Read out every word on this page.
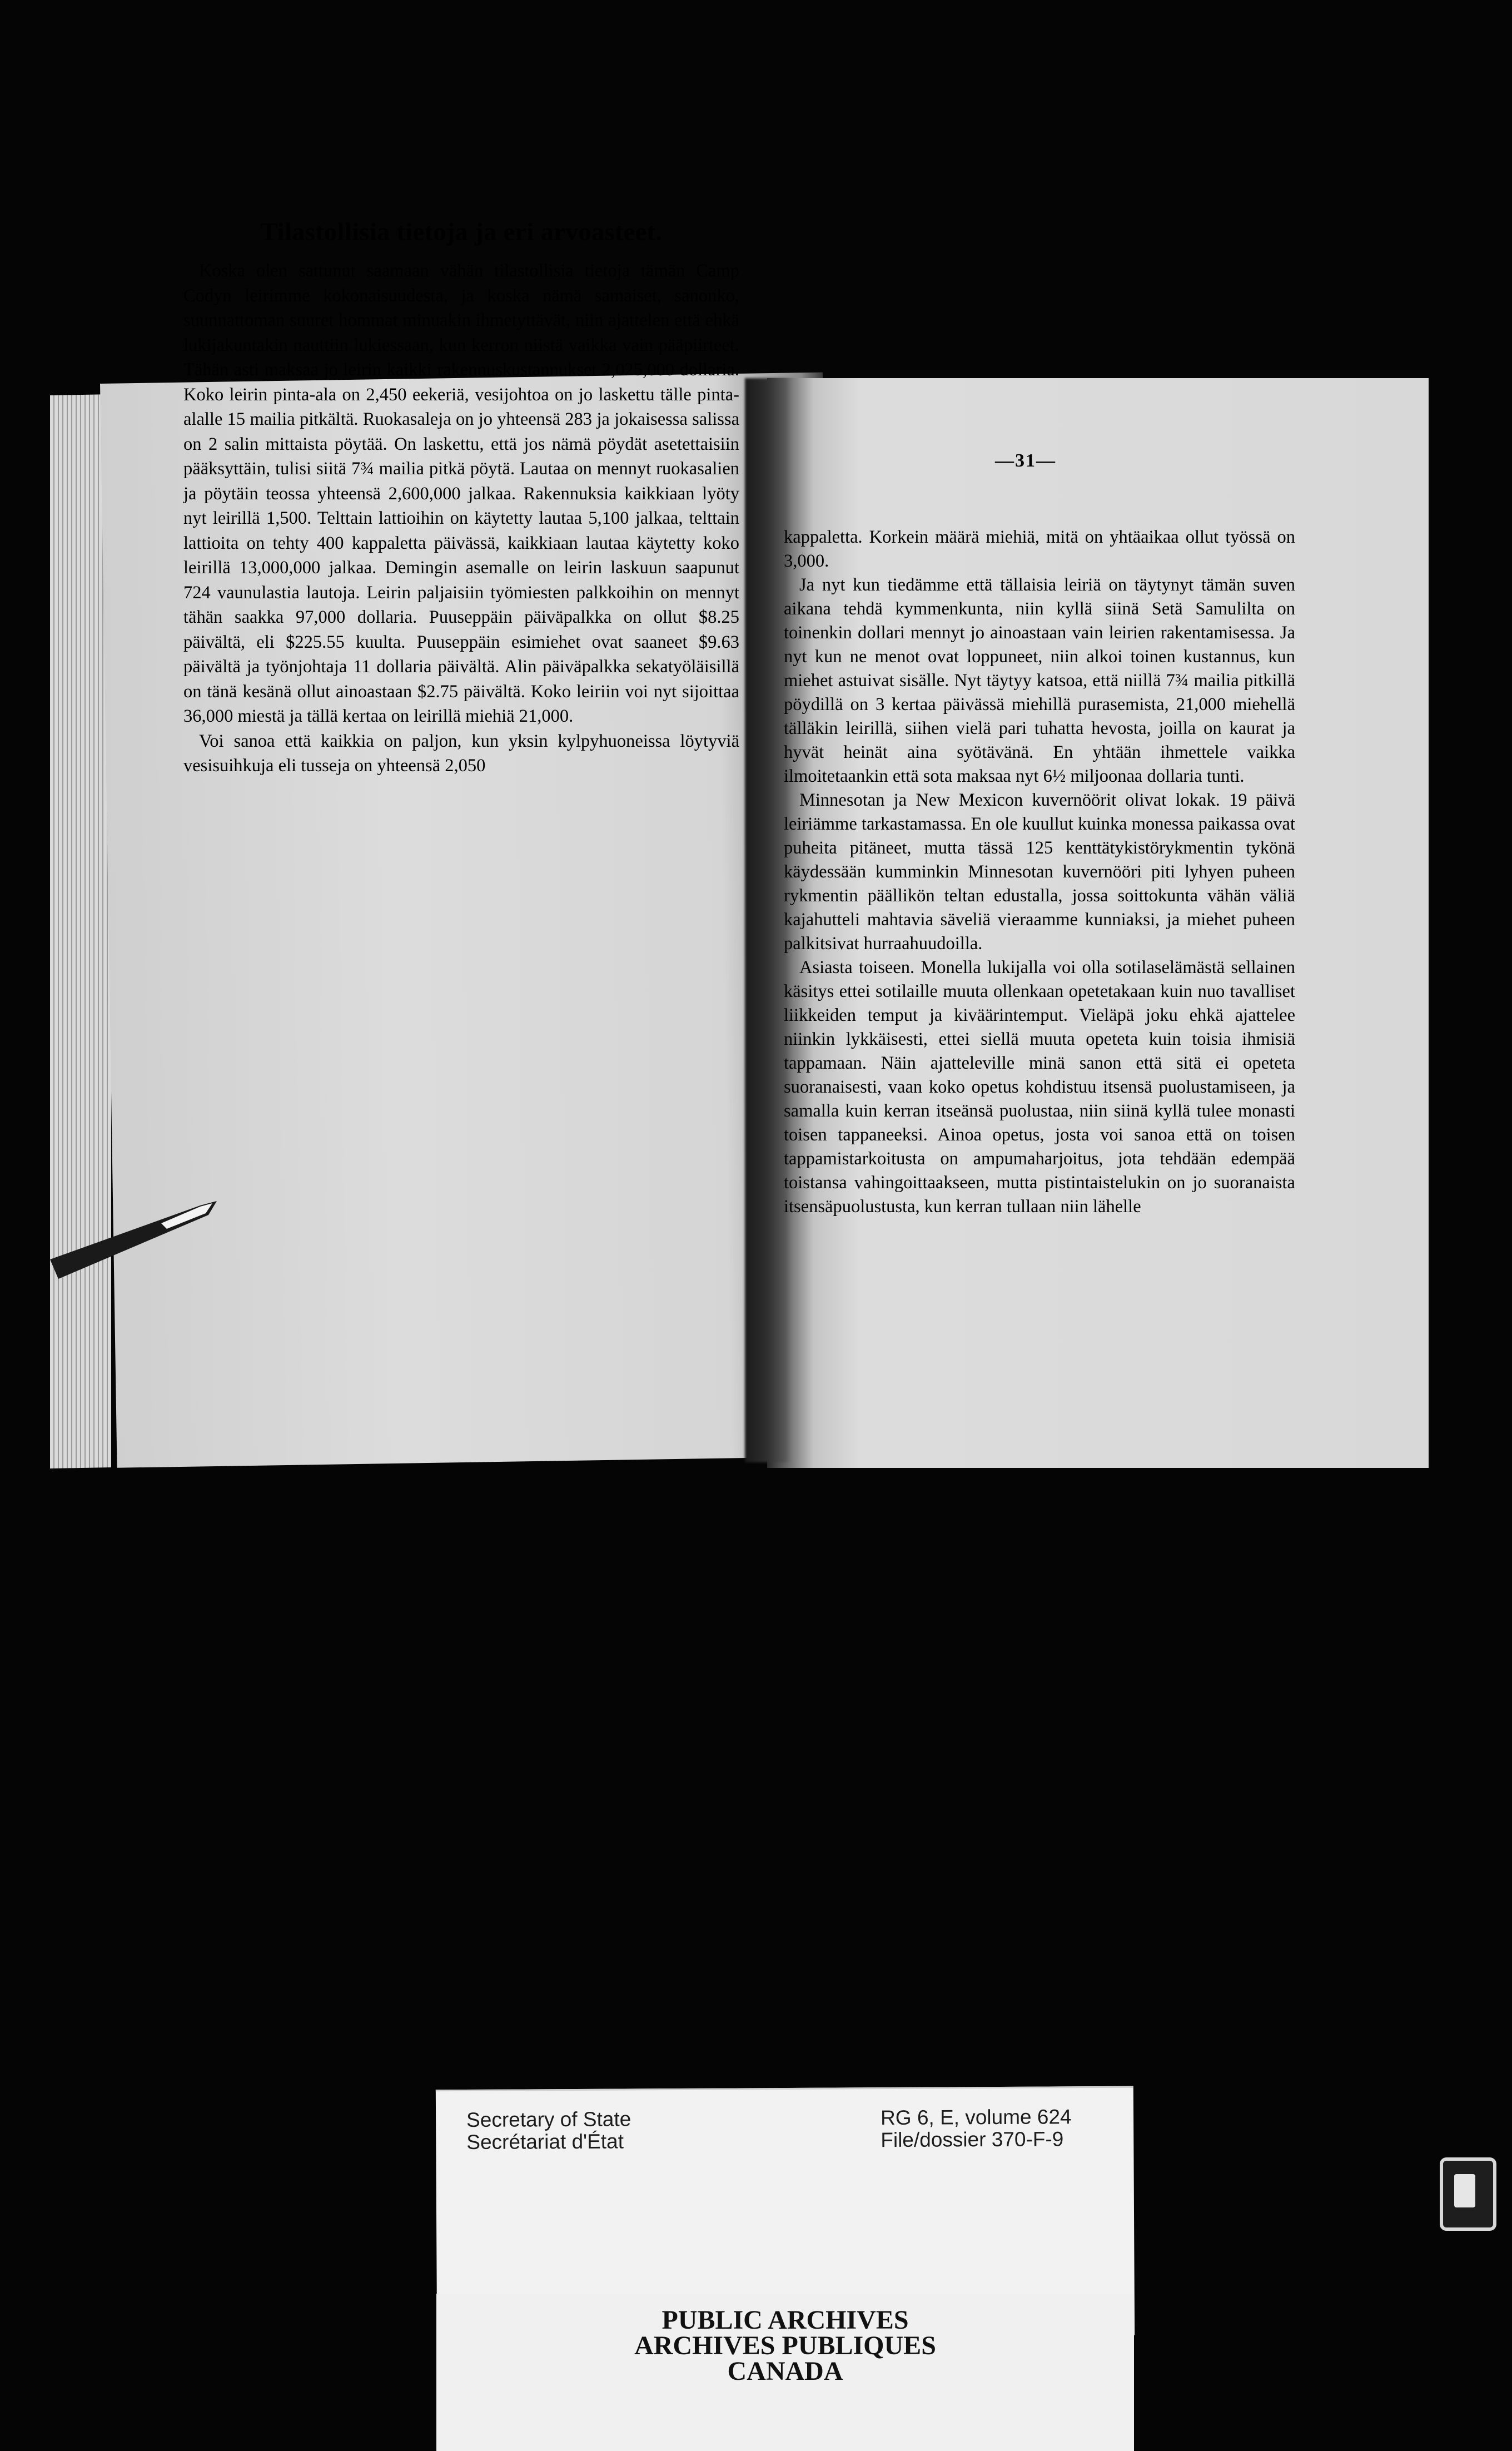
Tilastollisia tietoja ja eri arvoasteet.

Koska olen sattunut saamaan vähän tilastollisia tietoja tämän Camp Codyn leirimme kokonaisuudesta, ja koska nämä samaiset, sanonko, suunnattoman suuret hommat minuakin ihmetyttävät, niin ajattelen että ehkä lukijakuntakin nauttiin lukiessaan, kun kerron niistä vaikka vain pääpiirteet. Tähän asti maksaa jo leirin kaikki rakennuskustannukset 2,025,000 dollaria. Koko leirin pinta-ala on 2,450 eekeriä, vesijohtoa on jo laskettu tälle pinta-alalle 15 mailia pitkältä. Ruokasaleja on jo yhteensä 283 ja jokaisessa salissa on 2 salin mittaista pöytää. On laskettu, että jos nämä pöydät asetettaisiin pääksyttäin, tulisi siitä 7¾ mailia pitkä pöytä. Lautaa on mennyt ruokasalien ja pöytäin teossa yhteensä 2,600,000 jalkaa. Rakennuksia kaikkiaan lyöty nyt leirillä 1,500. Telttain lattioihin on käytetty lautaa 5,100 jalkaa, telttain lattioita on tehty 400 kappaletta päivässä, kaikkiaan lautaa käytetty koko leirillä 13,000,000 jalkaa. Demingin asemalle on leirin laskuun saapunut 724 vaunulastia lautoja. Leirin paljaisiin työmiesten palkkoihin on mennyt tähän saakka 97,000 dollaria. Puuseppäin päiväpalkka on ollut $8.25 päivältä, eli $225.55 kuulta. Puuseppäin esimiehet ovat saaneet $9.63 päivältä ja työnjohtaja 11 dollaria päivältä. Alin päiväpalkka sekatyöläisillä on tänä kesänä ollut ainoastaan $2.75 päivältä. Koko leiriin voi nyt sijoittaa 36,000 miestä ja tällä kertaa on leirillä miehiä 21,000.

Voi sanoa että kaikkia on paljon, kun yksin kylpyhuoneissa löytyviä vesisuihkuja eli tusseja on yhteensä 2,050

—31—

kappaletta. Korkein määrä miehiä, mitä on yhtäaikaa ollut työssä on 3,000.

Ja nyt kun tiedämme että tällaisia leiriä on täytynyt tämän suven aikana tehdä kymmenkunta, niin kyllä siinä Setä Samulilta on toinenkin dollari mennyt jo ainoastaan vain leirien rakentamisessa. Ja nyt kun ne menot ovat loppuneet, niin alkoi toinen kustannus, kun miehet astuivat sisälle. Nyt täytyy katsoa, että niillä 7¾ mailia pitkillä pöydillä on 3 kertaa päivässä miehillä purasemista, 21,000 miehellä tälläkin leirillä, siihen vielä pari tuhatta hevosta, joilla on kaurat ja hyvät heinät aina syötävänä. En yhtään ihmettele vaikka ilmoitetaankin että sota maksaa nyt 6½ miljoonaa dollaria tunti.

Minnesotan ja New Mexicon kuvernöörit olivat lokak. 19 päivä leiriämme tarkastamassa. En ole kuullut kuinka monessa paikassa ovat puheita pitäneet, mutta tässä 125 kenttätykistörykmentin tykönä käydessään kumminkin Minnesotan kuvernööri piti lyhyen puheen rykmentin päällikön teltan edustalla, jossa soittokunta vähän väliä kajahutteli mahtavia säveliä vieraamme kunniaksi, ja miehet puheen palkitsivat hurraahuudoilla.

Asiasta toiseen. Monella lukijalla voi olla sotilaselämästä sellainen käsitys ettei sotilaille muuta ollenkaan opetetakaan kuin nuo tavalliset liikkeiden temput ja kiväärintemput. Vieläpä joku ehkä ajattelee niinkin lykkäisesti, ettei siellä muuta opeteta kuin toisia ihmisiä tappamaan. Näin ajatteleville minä sanon että sitä ei opeteta suoranaisesti, vaan koko opetus kohdistuu itsensä puolustamiseen, ja samalla kuin kerran itseänsä puolustaa, niin siinä kyllä tulee monasti toisen tappaneeksi. Ainoa opetus, josta voi sanoa että on toisen tappamistarkoitusta on ampumaharjoitus, jota tehdään edempää toistansa vahingoittaakseen, mutta pistintaistelukin on jo suoranaista itsensäpuolustusta, kun kerran tullaan niin lähelle

Secretary of State
Secrétariat d'État
RG 6, E, volume 624
File/dossier 370-F-9
PUBLIC ARCHIVES
ARCHIVES PUBLIQUES
CANADA
